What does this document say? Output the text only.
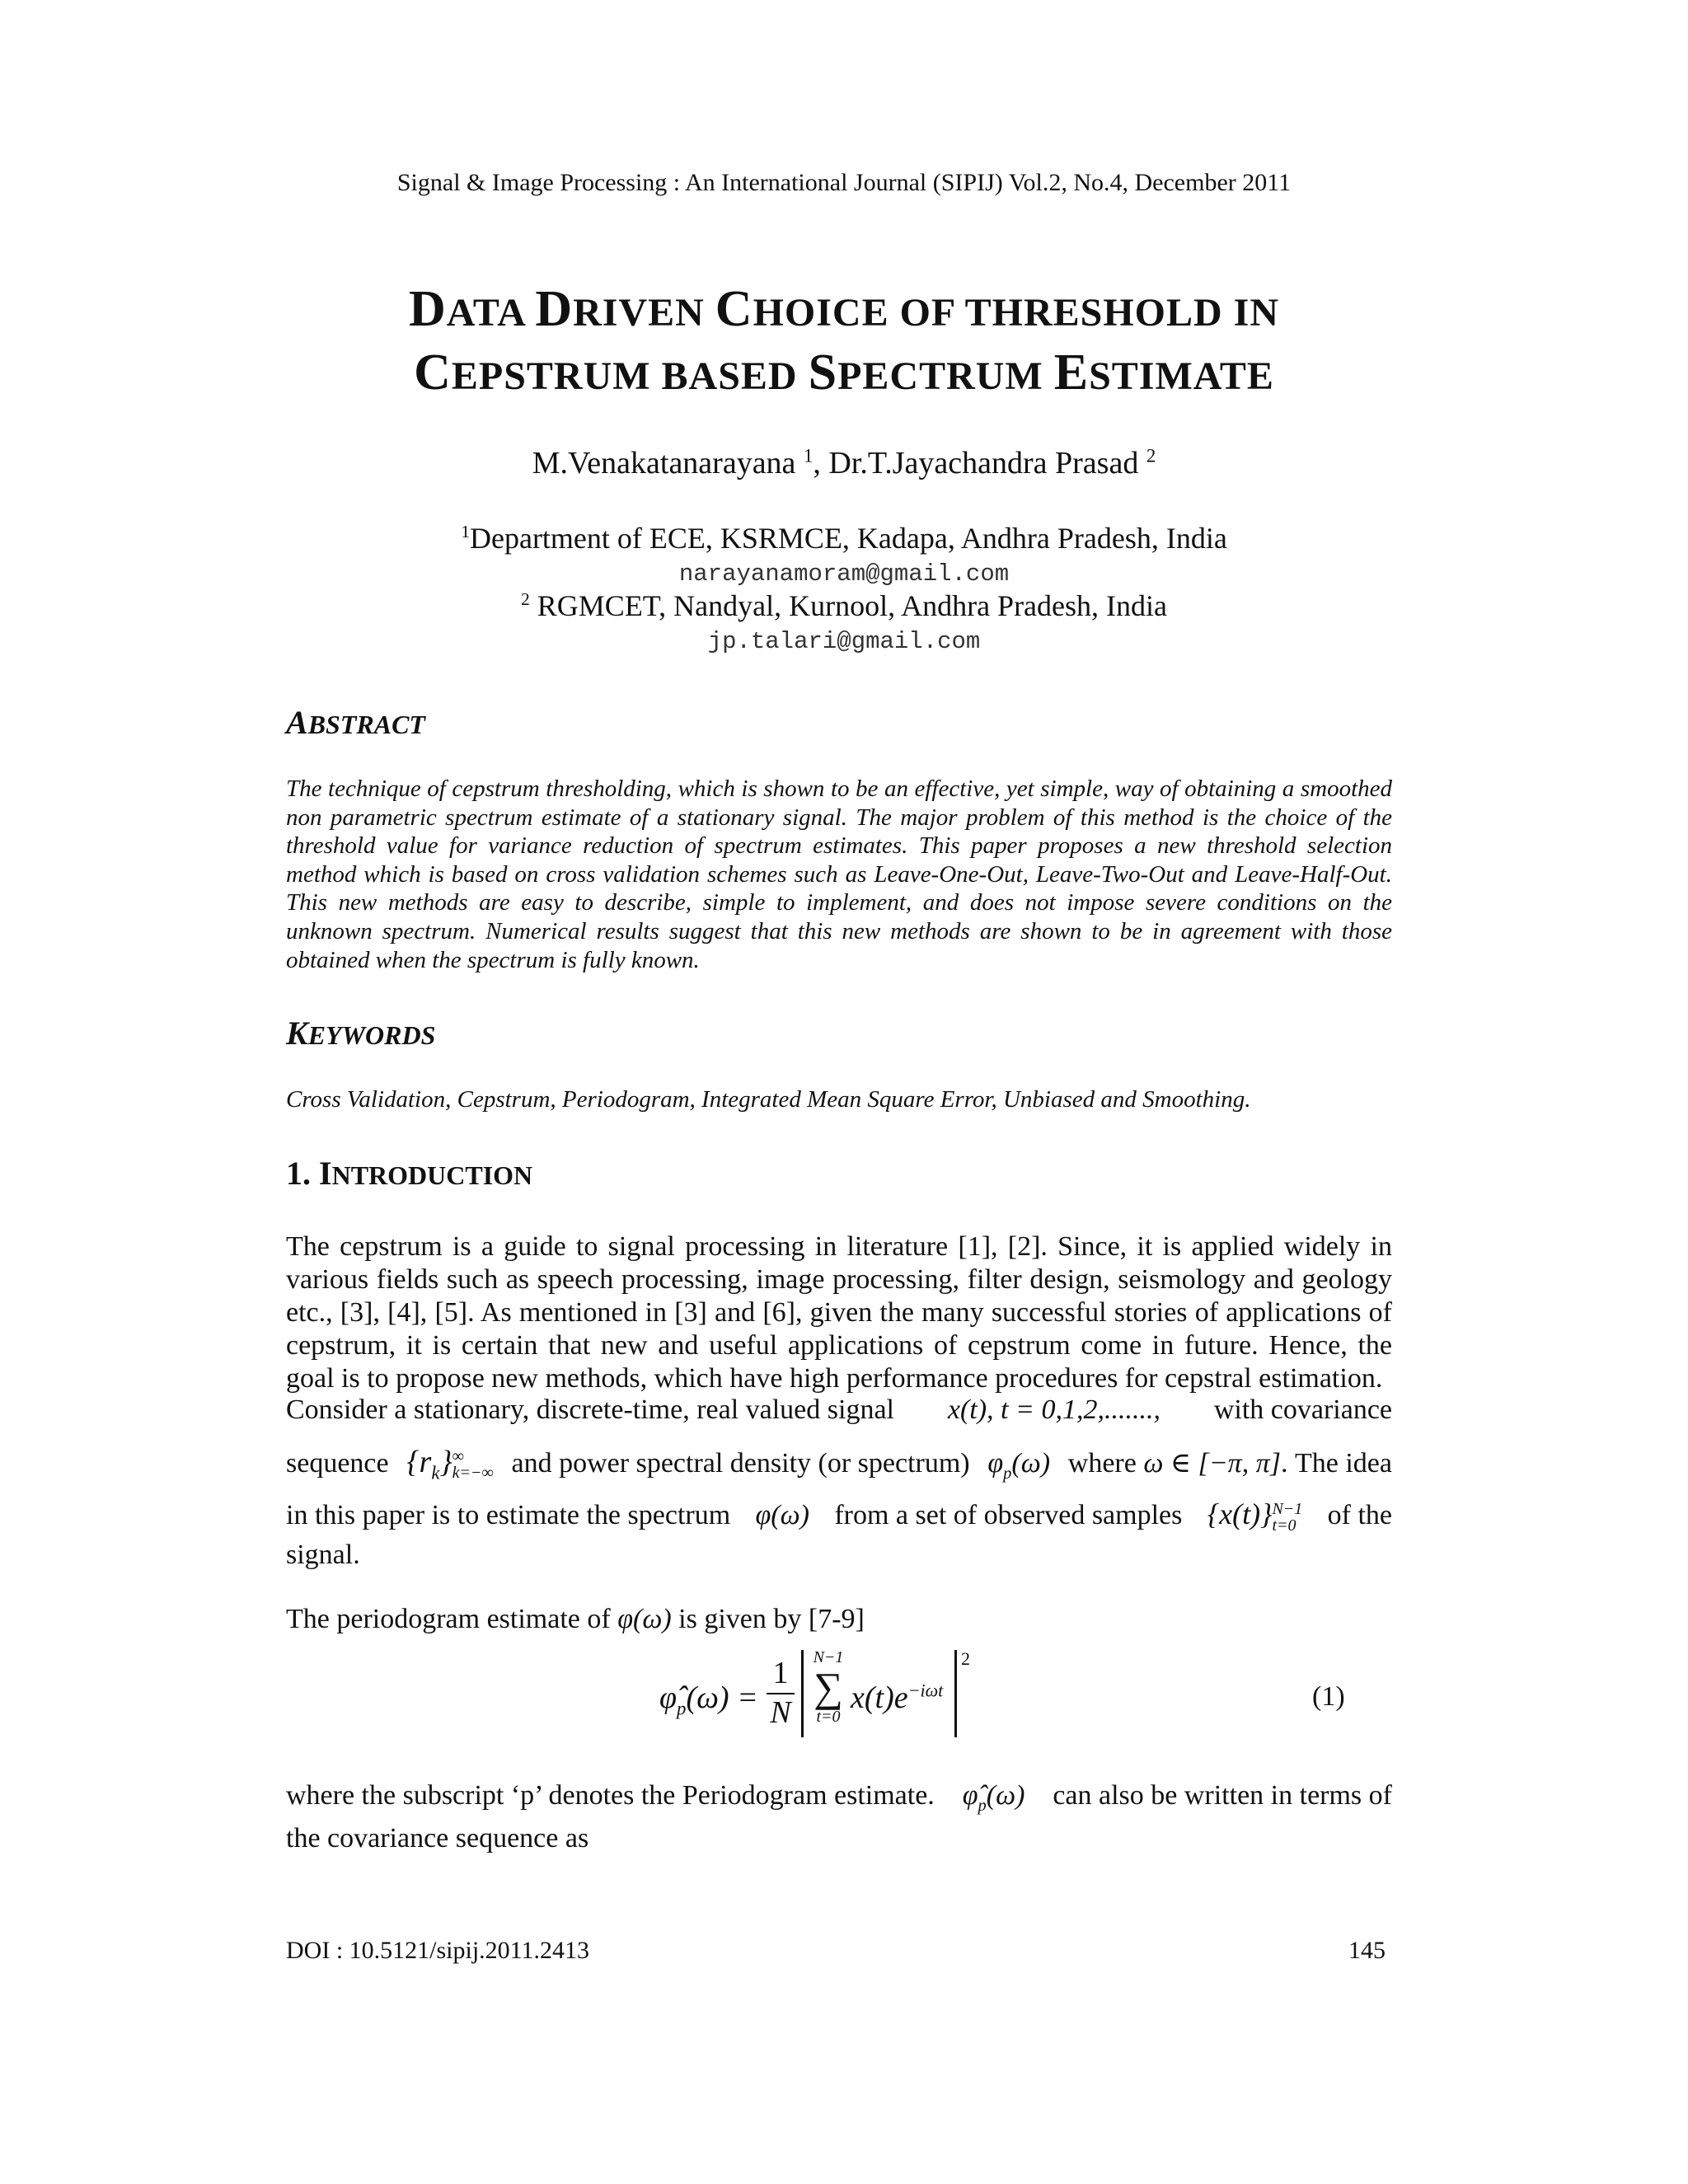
Signal & Image Processing : An International Journal (SIPIJ) Vol.2, No.4, December 2011
DATA DRIVEN CHOICE OF THRESHOLD IN
CEPSTRUM BASED SPECTRUM ESTIMATE
M.Venakatanarayana $^1$, Dr.T.Jayachandra Prasad $^2$
$^1$Department of ECE, KSRMCE, Kadapa, Andhra Pradesh, India
narayanamoram@gmail.com
$^2$ RGMCET, Nandyal, Kurnool, Andhra Pradesh, India
jp.talari@gmail.com
ABSTRACT
The technique of cepstrum thresholding, which is shown to be an effective, yet simple, way of obtaining a smoothed non parametric spectrum estimate of a stationary signal. The major problem of this method is the choice of the threshold value for variance reduction of spectrum estimates. This paper proposes a new threshold selection method which is based on cross validation schemes such as Leave-One-Out, Leave-Two-Out and Leave-Half-Out. This new methods are easy to describe, simple to implement, and does not impose severe conditions on the unknown spectrum. Numerical results suggest that this new methods are shown to be in agreement with those obtained when the spectrum is fully known.
KEYWORDS
Cross Validation, Cepstrum, Periodogram, Integrated Mean Square Error, Unbiased and Smoothing.
1. INTRODUCTION
The cepstrum is a guide to signal processing in literature [1], [2]. Since, it is applied widely in various fields such as speech processing, image processing, filter design, seismology and geology etc., [3], [4], [5]. As mentioned in [3] and [6], given the many successful stories of applications of cepstrum, it is certain that new and useful applications of cepstrum come in future. Hence, the goal is to propose new methods, which have high performance procedures for cepstral estimation.
Consider a stationary, discrete-time, real valued signal x(t), t = 0,1,2,......., with covariance
sequence $\{r_k\}$ ∞
k=−∞ and power spectral density (or spectrum) $\varphi_p(\omega)$ where ω ∈ [−π, π]. The idea
in this paper is to estimate the spectrum φ(ω) from a set of observed samples {x(t)} N−1
t=0 of the
signal.
The periodogram estimate of φ(ω) is given by [7-9]
$\varphî_p(\omega)$ =
1
N
N−1
∑
t=0
$x(t)e^{-i\omega t}$
2
(1)
where the subscript ‘p’ denotes the Periodogram estimate. $\varphî_p(\omega)$ can also be written in terms of
the covariance sequence as
DOI : 10.5121/sipij.2011.2413	145
